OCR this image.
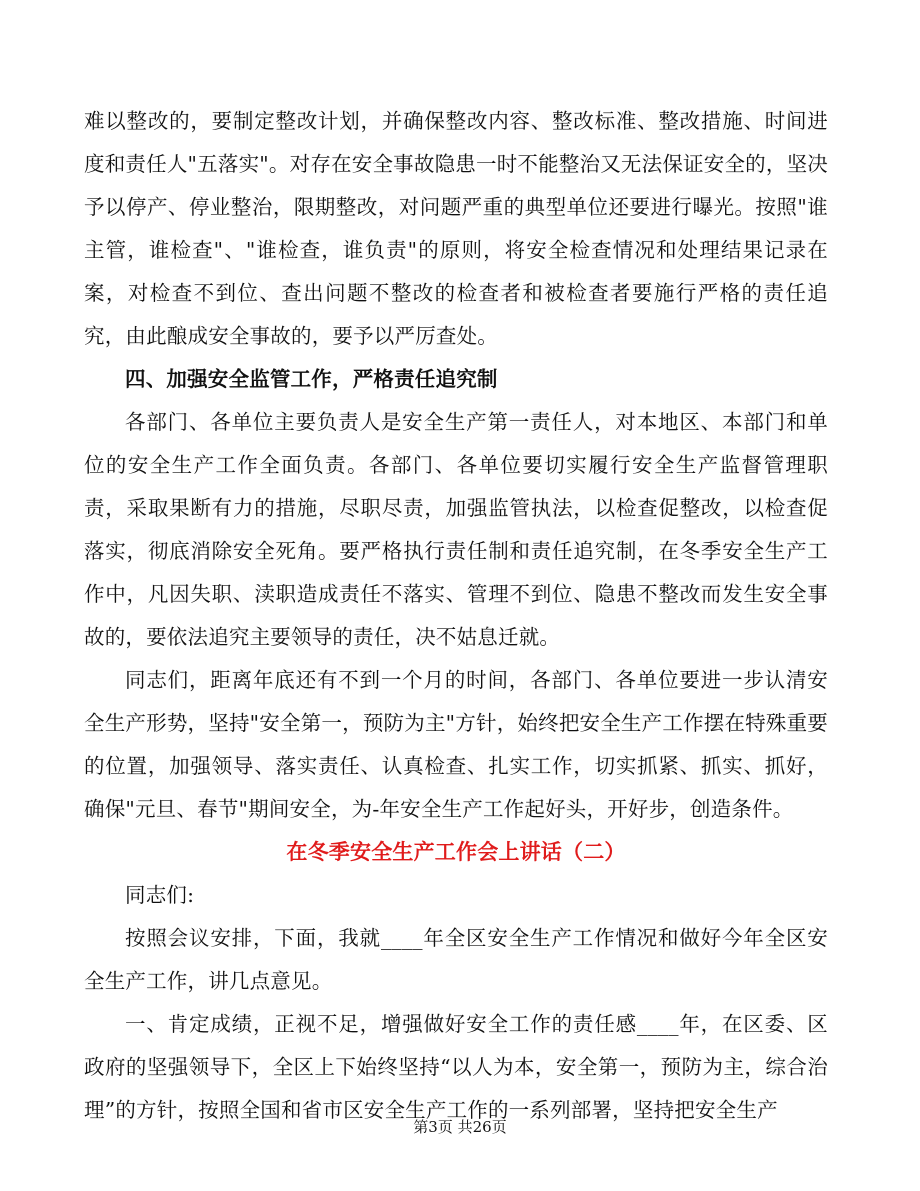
难以整改的，要制定整改计划，并确保整改内容、整改标准、整改措施、时间进度和责任人"五落实"。对存在安全事故隐患一时不能整治又无法保证安全的，坚决予以停产、停业整治，限期整改，对问题严重的典型单位还要进行曝光。按照"谁主管，谁检查"、"谁检查，谁负责"的原则，将安全检查情况和处理结果记录在案，对检查不到位、查出问题不整改的检查者和被检查者要施行严格的责任追究，由此酿成安全事故的，要予以严厉查处。

四、加强安全监管工作，严格责任追究制

各部门、各单位主要负责人是安全生产第一责任人，对本地区、本部门和单位的安全生产工作全面负责。各部门、各单位要切实履行安全生产监督管理职责，采取果断有力的措施，尽职尽责，加强监管执法，以检查促整改，以检查促落实，彻底消除安全死角。要严格执行责任制和责任追究制，在冬季安全生产工作中，凡因失职、渎职造成责任不落实、管理不到位、隐患不整改而发生安全事故的，要依法追究主要领导的责任，决不姑息迁就。

同志们，距离年底还有不到一个月的时间，各部门、各单位要进一步认清安全生产形势，坚持"安全第一，预防为主"方针，始终把安全生产工作摆在特殊重要的位置，加强领导、落实责任、认真检查、扎实工作，切实抓紧、抓实、抓好，确保"元旦、春节"期间安全，为-年安全生产工作起好头，开好步，创造条件。

在冬季安全生产工作会上讲话（二）

同志们:

按照会议安排，下面，我就____年全区安全生产工作情况和做好今年全区安全生产工作，讲几点意见。

一、肯定成绩，正视不足，增强做好安全工作的责任感____年，在区委、区政府的坚强领导下，全区上下始终坚持“以人为本，安全第一，预防为主，综合治理”的方针，按照全国和省市区安全生产工作的一系列部署，坚持把安全生产

第3页 共26页
